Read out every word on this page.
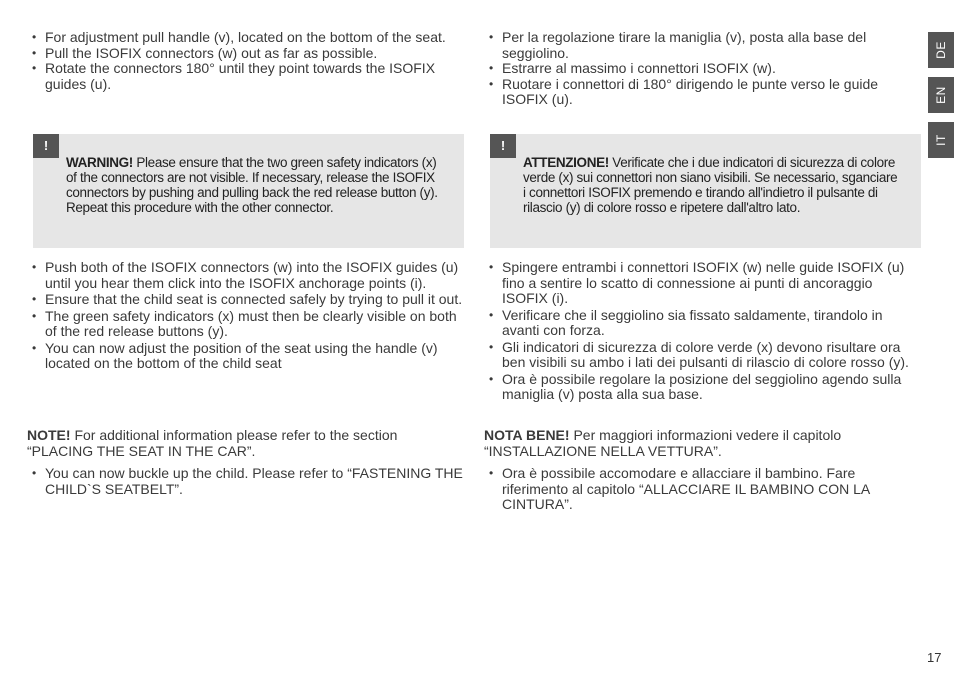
• For adjustment pull handle (v), located on the bottom of the seat.
• Pull the ISOFIX connectors (w) out as far as possible.
• Rotate the connectors 180° until they point towards the ISOFIX guides (u).
!
WARNING! Please ensure that the two green safety indicators (x) of the connectors are not visible. If necessary, release the ISOFIX connectors by pushing and pulling back the red release button (y). Repeat this procedure with the other connector.
• Push both of the ISOFIX connectors (w) into the ISOFIX guides (u) until you hear them click into the ISOFIX anchorage points (i).
• Ensure that the child seat is connected safely by trying to pull it out.
• The green safety indicators (x) must then be clearly visible on both of the red release buttons (y).
• You can now adjust the position of the seat using the handle (v) located on the bottom of the child seat
NOTE! For additional information please refer to the section “PLACING THE SEAT IN THE CAR”.
• You can now buckle up the child. Please refer to “FASTENING THE CHILD`S SEATBELT”.
• Per la regolazione tirare la maniglia (v), posta alla base del seggiolino.
• Estrarre al massimo i connettori ISOFIX (w).
• Ruotare i connettori di 180° dirigendo le punte verso le guide ISOFIX (u).
!
ATTENZIONE! Verificate che i due indicatori di sicurezza di colore verde (x) sui connettori non siano visibili. Se necessario, sganciare i connettori ISOFIX premendo e tirando all'indietro il pulsante di rilascio (y) di colore rosso e ripetere dall'altro lato.
• Spingere entrambi i connettori ISOFIX (w) nelle guide ISOFIX (u) fino a sentire lo scatto di connessione ai punti di ancoraggio ISOFIX (i).
• Verificare che il seggiolino sia fissato saldamente, tirandolo in avanti con forza.
• Gli indicatori di sicurezza di colore verde (x) devono risultare ora ben visibili su ambo i lati dei pulsanti di rilascio di colore rosso (y).
• Ora è possibile regolare la posizione del seggiolino agendo sulla maniglia (v) posta alla sua base.
NOTA BENE! Per maggiori informazioni vedere il capitolo “INSTALLAZIONE NELLA VETTURA”.
• Ora è possibile accomodare e allacciare il bambino. Fare riferimento al capitolo “ALLACCIARE IL BAMBINO CON LA CINTURA”.
DE
EN
IT
17
